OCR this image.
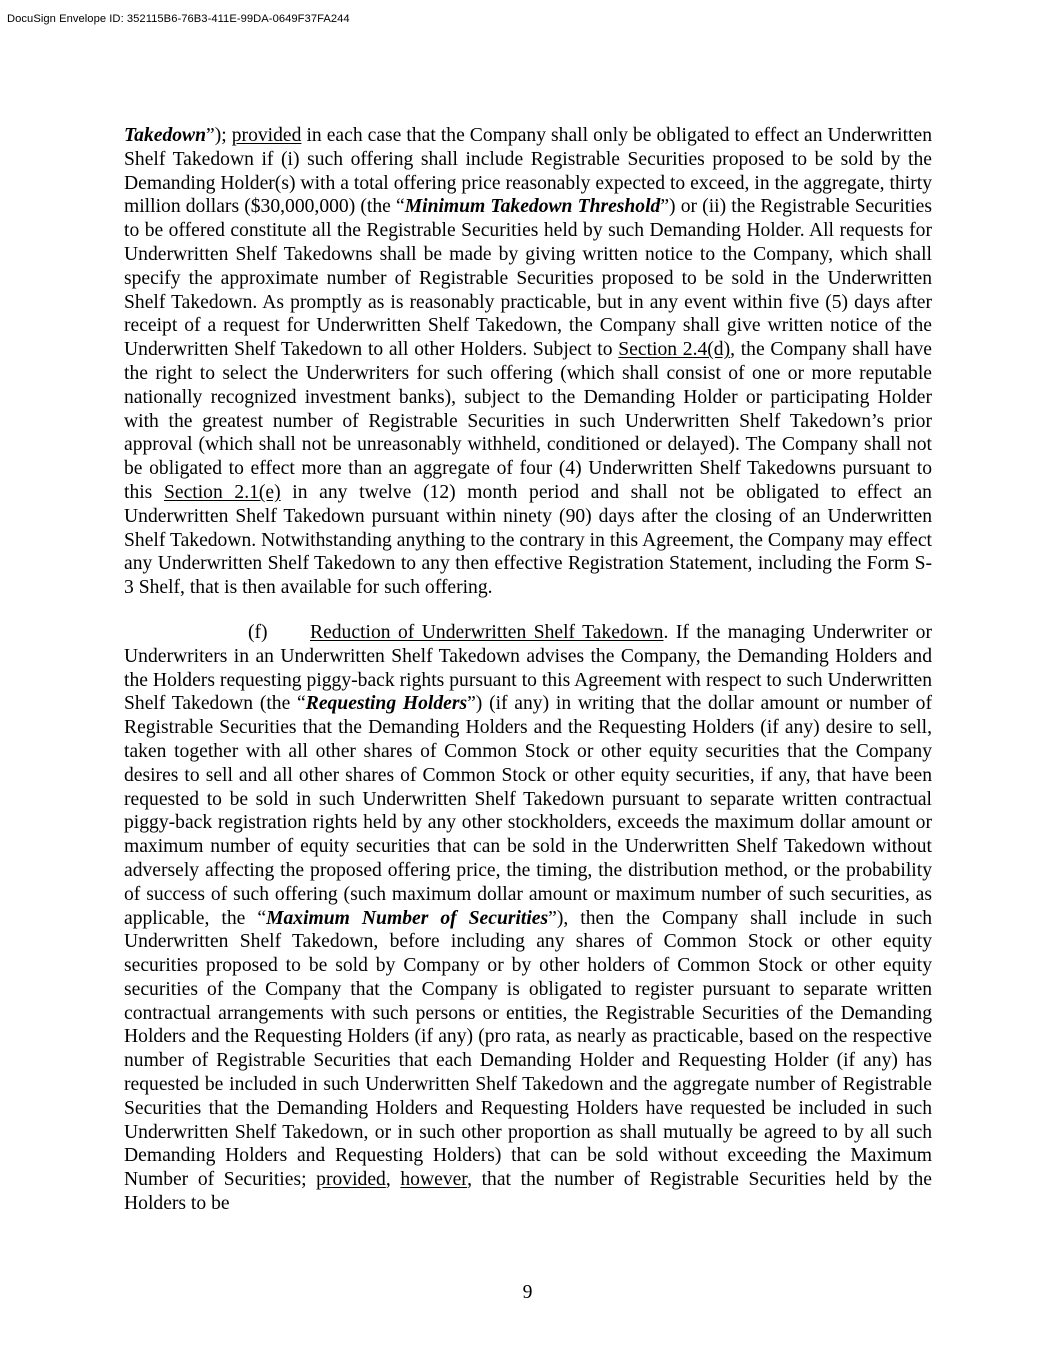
DocuSign Envelope ID: 352115B6-76B3-411E-99DA-0649F37FA244

Takedown”); provided in each case that the Company shall only be obligated to effect an Underwritten Shelf Takedown if (i) such offering shall include Registrable Securities proposed to be sold by the Demanding Holder(s) with a total offering price reasonably expected to exceed, in the aggregate, thirty million dollars ($30,000,000) (the “Minimum Takedown Threshold”) or (ii) the Registrable Securities to be offered constitute all the Registrable Securities held by such Demanding Holder. All requests for Underwritten Shelf Takedowns shall be made by giving written notice to the Company, which shall specify the approximate number of Registrable Securities proposed to be sold in the Underwritten Shelf Takedown. As promptly as is reasonably practicable, but in any event within five (5) days after receipt of a request for Underwritten Shelf Takedown, the Company shall give written notice of the Underwritten Shelf Takedown to all other Holders. Subject to Section 2.4(d), the Company shall have the right to select the Underwriters for such offering (which shall consist of one or more reputable nationally recognized investment banks), subject to the Demanding Holder or participating Holder with the greatest number of Registrable Securities in such Underwritten Shelf Takedown’s prior approval (which shall not be unreasonably withheld, conditioned or delayed). The Company shall not be obligated to effect more than an aggregate of four (4) Underwritten Shelf Takedowns pursuant to this Section 2.1(e) in any twelve (12) month period and shall not be obligated to effect an Underwritten Shelf Takedown pursuant within ninety (90) days after the closing of an Underwritten Shelf Takedown. Notwithstanding anything to the contrary in this Agreement, the Company may effect any Underwritten Shelf Takedown to any then effective Registration Statement, including the Form S-3 Shelf, that is then available for such offering.

(f) Reduction of Underwritten Shelf Takedown. If the managing Underwriter or Underwriters in an Underwritten Shelf Takedown advises the Company, the Demanding Holders and the Holders requesting piggy-back rights pursuant to this Agreement with respect to such Underwritten Shelf Takedown (the “Requesting Holders”) (if any) in writing that the dollar amount or number of Registrable Securities that the Demanding Holders and the Requesting Holders (if any) desire to sell, taken together with all other shares of Common Stock or other equity securities that the Company desires to sell and all other shares of Common Stock or other equity securities, if any, that have been requested to be sold in such Underwritten Shelf Takedown pursuant to separate written contractual piggy-back registration rights held by any other stockholders, exceeds the maximum dollar amount or maximum number of equity securities that can be sold in the Underwritten Shelf Takedown without adversely affecting the proposed offering price, the timing, the distribution method, or the probability of success of such offering (such maximum dollar amount or maximum number of such securities, as applicable, the “Maximum Number of Securities”), then the Company shall include in such Underwritten Shelf Takedown, before including any shares of Common Stock or other equity securities proposed to be sold by Company or by other holders of Common Stock or other equity securities of the Company that the Company is obligated to register pursuant to separate written contractual arrangements with such persons or entities, the Registrable Securities of the Demanding Holders and the Requesting Holders (if any) (pro rata, as nearly as practicable, based on the respective number of Registrable Securities that each Demanding Holder and Requesting Holder (if any) has requested be included in such Underwritten Shelf Takedown and the aggregate number of Registrable Securities that the Demanding Holders and Requesting Holders have requested be included in such Underwritten Shelf Takedown, or in such other proportion as shall mutually be agreed to by all such Demanding Holders and Requesting Holders) that can be sold without exceeding the Maximum Number of Securities; provided, however, that the number of Registrable Securities held by the Holders to be

9
